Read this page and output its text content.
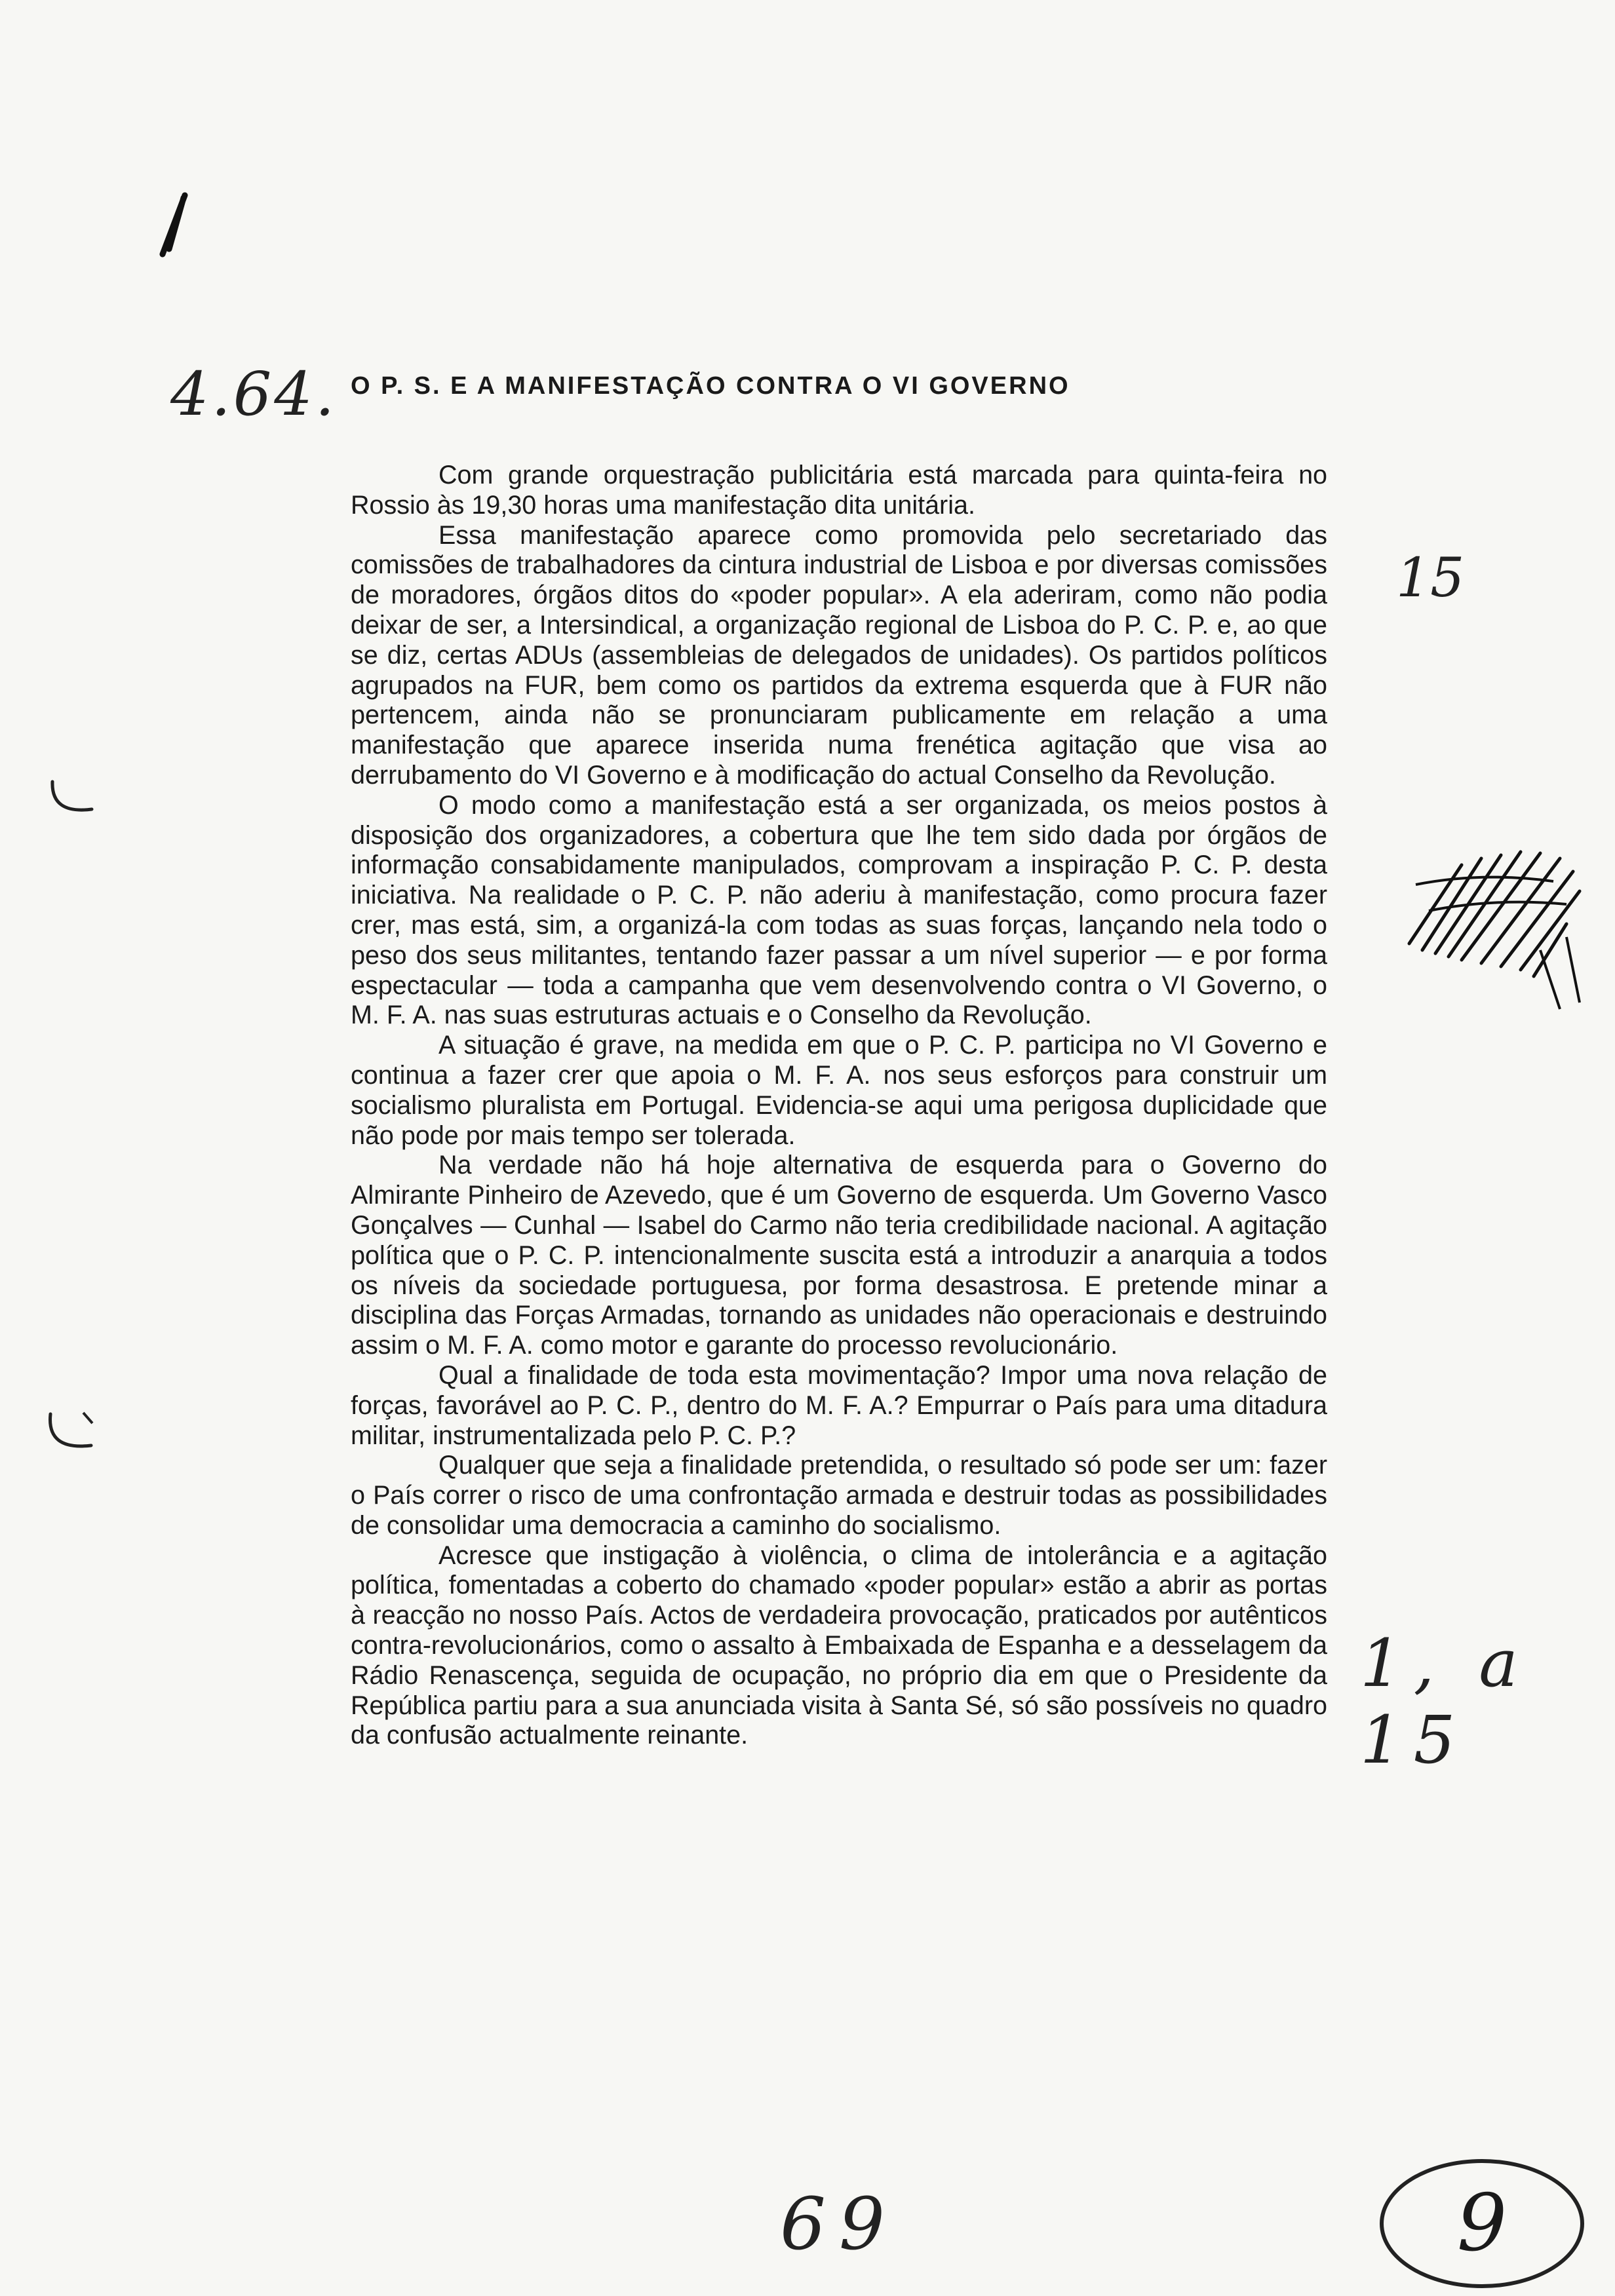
4.64. O P. S. E A MANIFESTAÇÃO CONTRA O VI GOVERNO

Com grande orquestração publicitária está marcada para quinta-feira no Rossio às 19,30 horas uma manifestação dita unitária.

Essa manifestação aparece como promovida pelo secretariado das comissões de trabalhadores da cintura industrial de Lisboa e por diversas comissões de moradores, órgãos ditos do «poder popular». A ela aderiram, como não podia deixar de ser, a Intersindical, a organização regional de Lisboa do P. C. P. e, ao que se diz, certas ADUs (assembleias de delegados de unidades). Os partidos políticos agrupados na FUR, bem como os partidos da extrema esquerda que à FUR não pertencem, ainda não se pronunciaram publicamente em relação a uma manifestação que aparece inserida numa frenética agitação que visa ao derrubamento do VI Governo e à modificação do actual Conselho da Revolução.

O modo como a manifestação está a ser organizada, os meios postos à disposição dos organizadores, a cobertura que lhe tem sido dada por órgãos de informação consabidamente manipulados, comprovam a inspiração P. C. P. desta iniciativa. Na realidade o P. C. P. não aderiu à manifestação, como procura fazer crer, mas está, sim, a organizá-la com todas as suas forças, lançando nela todo o peso dos seus militantes, tentando fazer passar a um nível superior — e por forma espectacular — toda a campanha que vem desenvolvendo contra o VI Governo, o M. F. A. nas suas estruturas actuais e o Conselho da Revolução.

A situação é grave, na medida em que o P. C. P. participa no VI Governo e continua a fazer crer que apoia o M. F. A. nos seus esforços para construir um socialismo pluralista em Portugal. Evidencia-se aqui uma perigosa duplicidade que não pode por mais tempo ser tolerada.

Na verdade não há hoje alternativa de esquerda para o Governo do Almirante Pinheiro de Azevedo, que é um Governo de esquerda. Um Governo Vasco Gonçalves — Cunhal — Isabel do Carmo não teria credibilidade nacional. A agitação política que o P. C. P. intencionalmente suscita está a introduzir a anarquia a todos os níveis da sociedade portuguesa, por forma desastrosa. E pretende minar a disciplina das Forças Armadas, tornando as unidades não operacionais e destruindo assim o M. F. A. como motor e garante do processo revolucionário.

Qual a finalidade de toda esta movimentação? Impor uma nova relação de forças, favorável ao P. C. P., dentro do M. F. A.? Empurrar o País para uma ditadura militar, instrumentalizada pelo P. C. P.?

Qualquer que seja a finalidade pretendida, o resultado só pode ser um: fazer o País correr o risco de uma confrontação armada e destruir todas as possibilidades de consolidar uma democracia a caminho do socialismo.

Acresce que instigação à violência, o clima de intolerância e a agitação política, fomentadas a coberto do chamado «poder popular» estão a abrir as portas à reacção no nosso País. Actos de verdadeira provocação, praticados por autênticos contra-revolucionários, como o assalto à Embaixada de Espanha e a desselagem da Rádio Renascença, seguida de ocupação, no próprio dia em que o Presidente da República partiu para a sua anunciada visita à Santa Sé, só são possíveis no quadro da confusão actualmente reinante.

15
1, a 15
69	9
